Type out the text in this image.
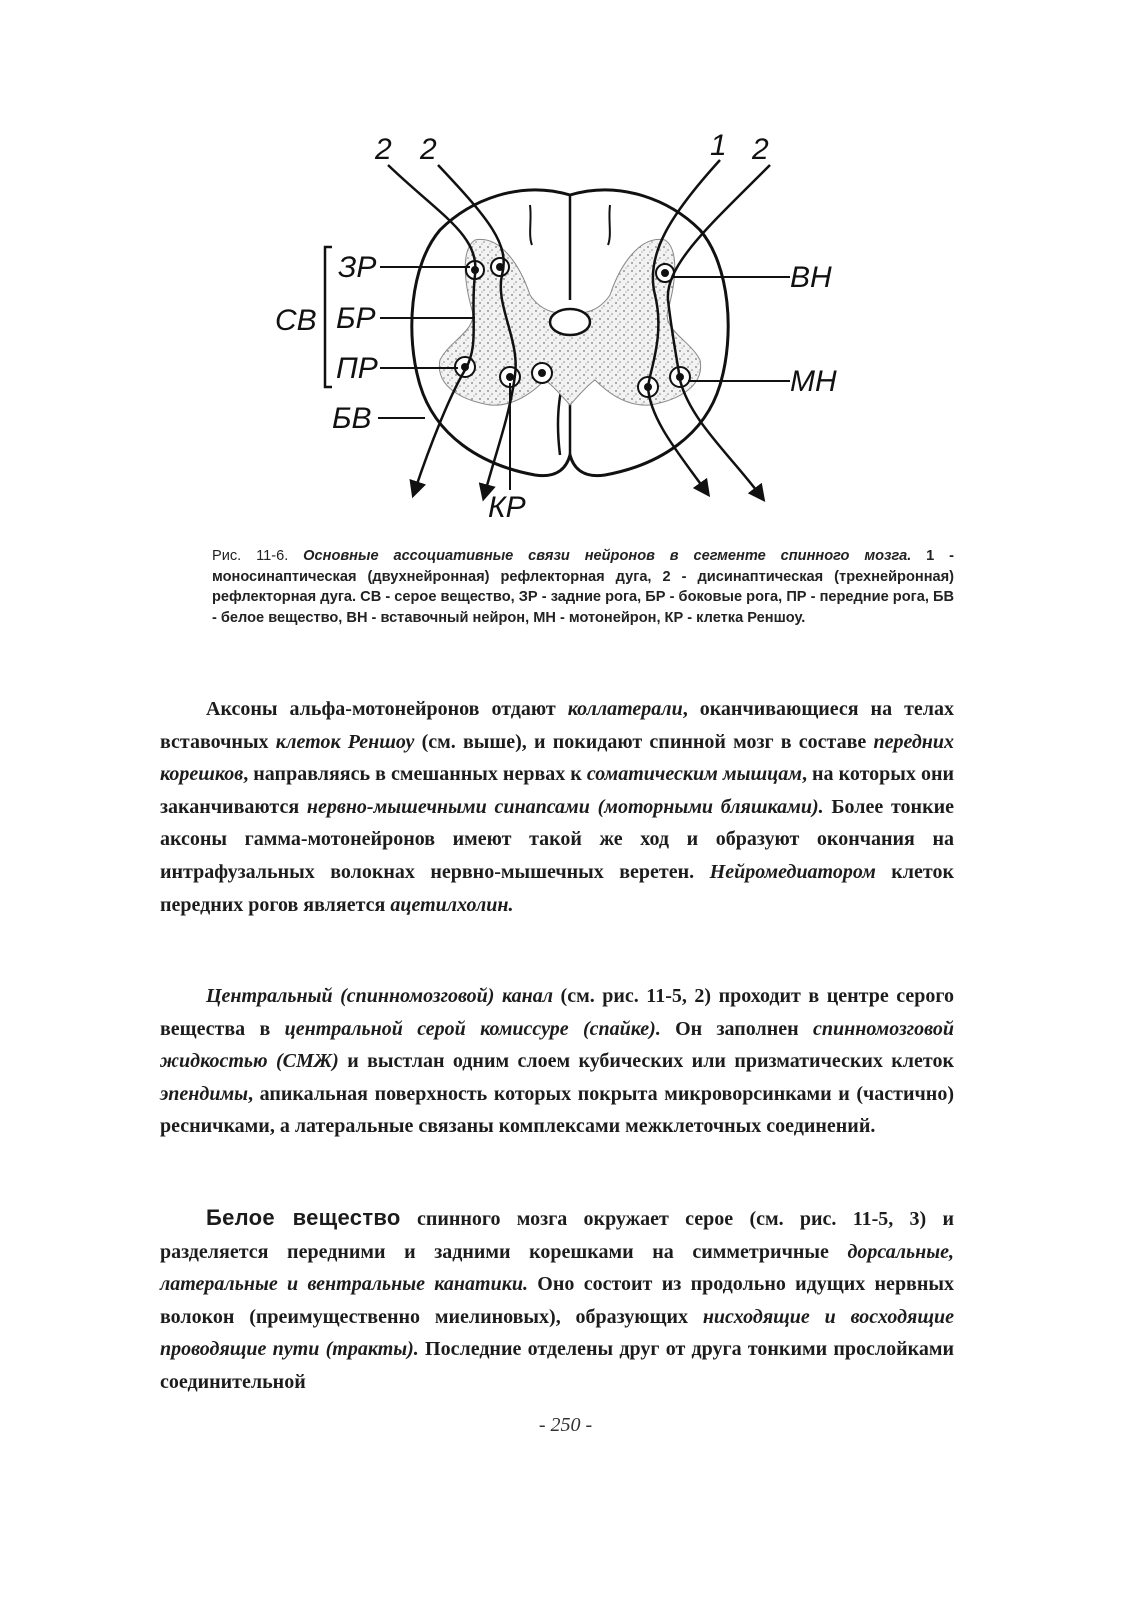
2 2	1 2
СВ
ЗР
БР
ПР
БВ
ВН
МН
КР
Рис. 11-6. Основные ассоциативные связи нейронов в сегменте спинного мозга. 1 - моносинаптическая (двухнейронная) рефлекторная дуга, 2 - дисинаптическая (трехнейронная) рефлекторная дуга. СВ - серое вещество, ЗР - задние рога, БР - боковые рога, ПР - передние рога, БВ - белое вещество, ВН - вставочный нейрон, МН - мотонейрон, КР - клетка Реншоу.
Аксоны альфа-мотонейронов отдают коллатерали, оканчивающиеся на телах вставочных клеток Реншоу (см. выше), и покидают спинной мозг в составе передних корешков, направляясь в смешанных нервах к соматическим мышцам, на которых они заканчиваются нервно-мышечными синапсами (моторными бляшками). Более тонкие аксоны гамма-мотонейронов имеют такой же ход и образуют окончания на интрафузальных волокнах нервно-мышечных веретен. Нейромедиатором клеток передних рогов является ацетилхолин.
Центральный (спинномозговой) канал (см. рис. 11-5, 2) проходит в центре серого вещества в центральной серой комиссуре (спайке). Он заполнен спинномозговой жидкостью (СМЖ) и выстлан одним слоем кубических или призматических клеток эпендимы, апикальная поверхность которых покрыта микроворсинками и (частично) ресничками, а латеральные связаны комплексами межклеточных соединений.
Белое вещество спинного мозга окружает серое (см. рис. 11-5, 3) и разделяется передними и задними корешками на симметричные дорсальные, латеральные и вентральные канатики. Оно состоит из продольно идущих нервных волокон (преимущественно миелиновых), образующих нисходящие и восходящие проводящие пути (тракты). Последние отделены друг от друга тонкими прослойками соединительной
- 250 -
